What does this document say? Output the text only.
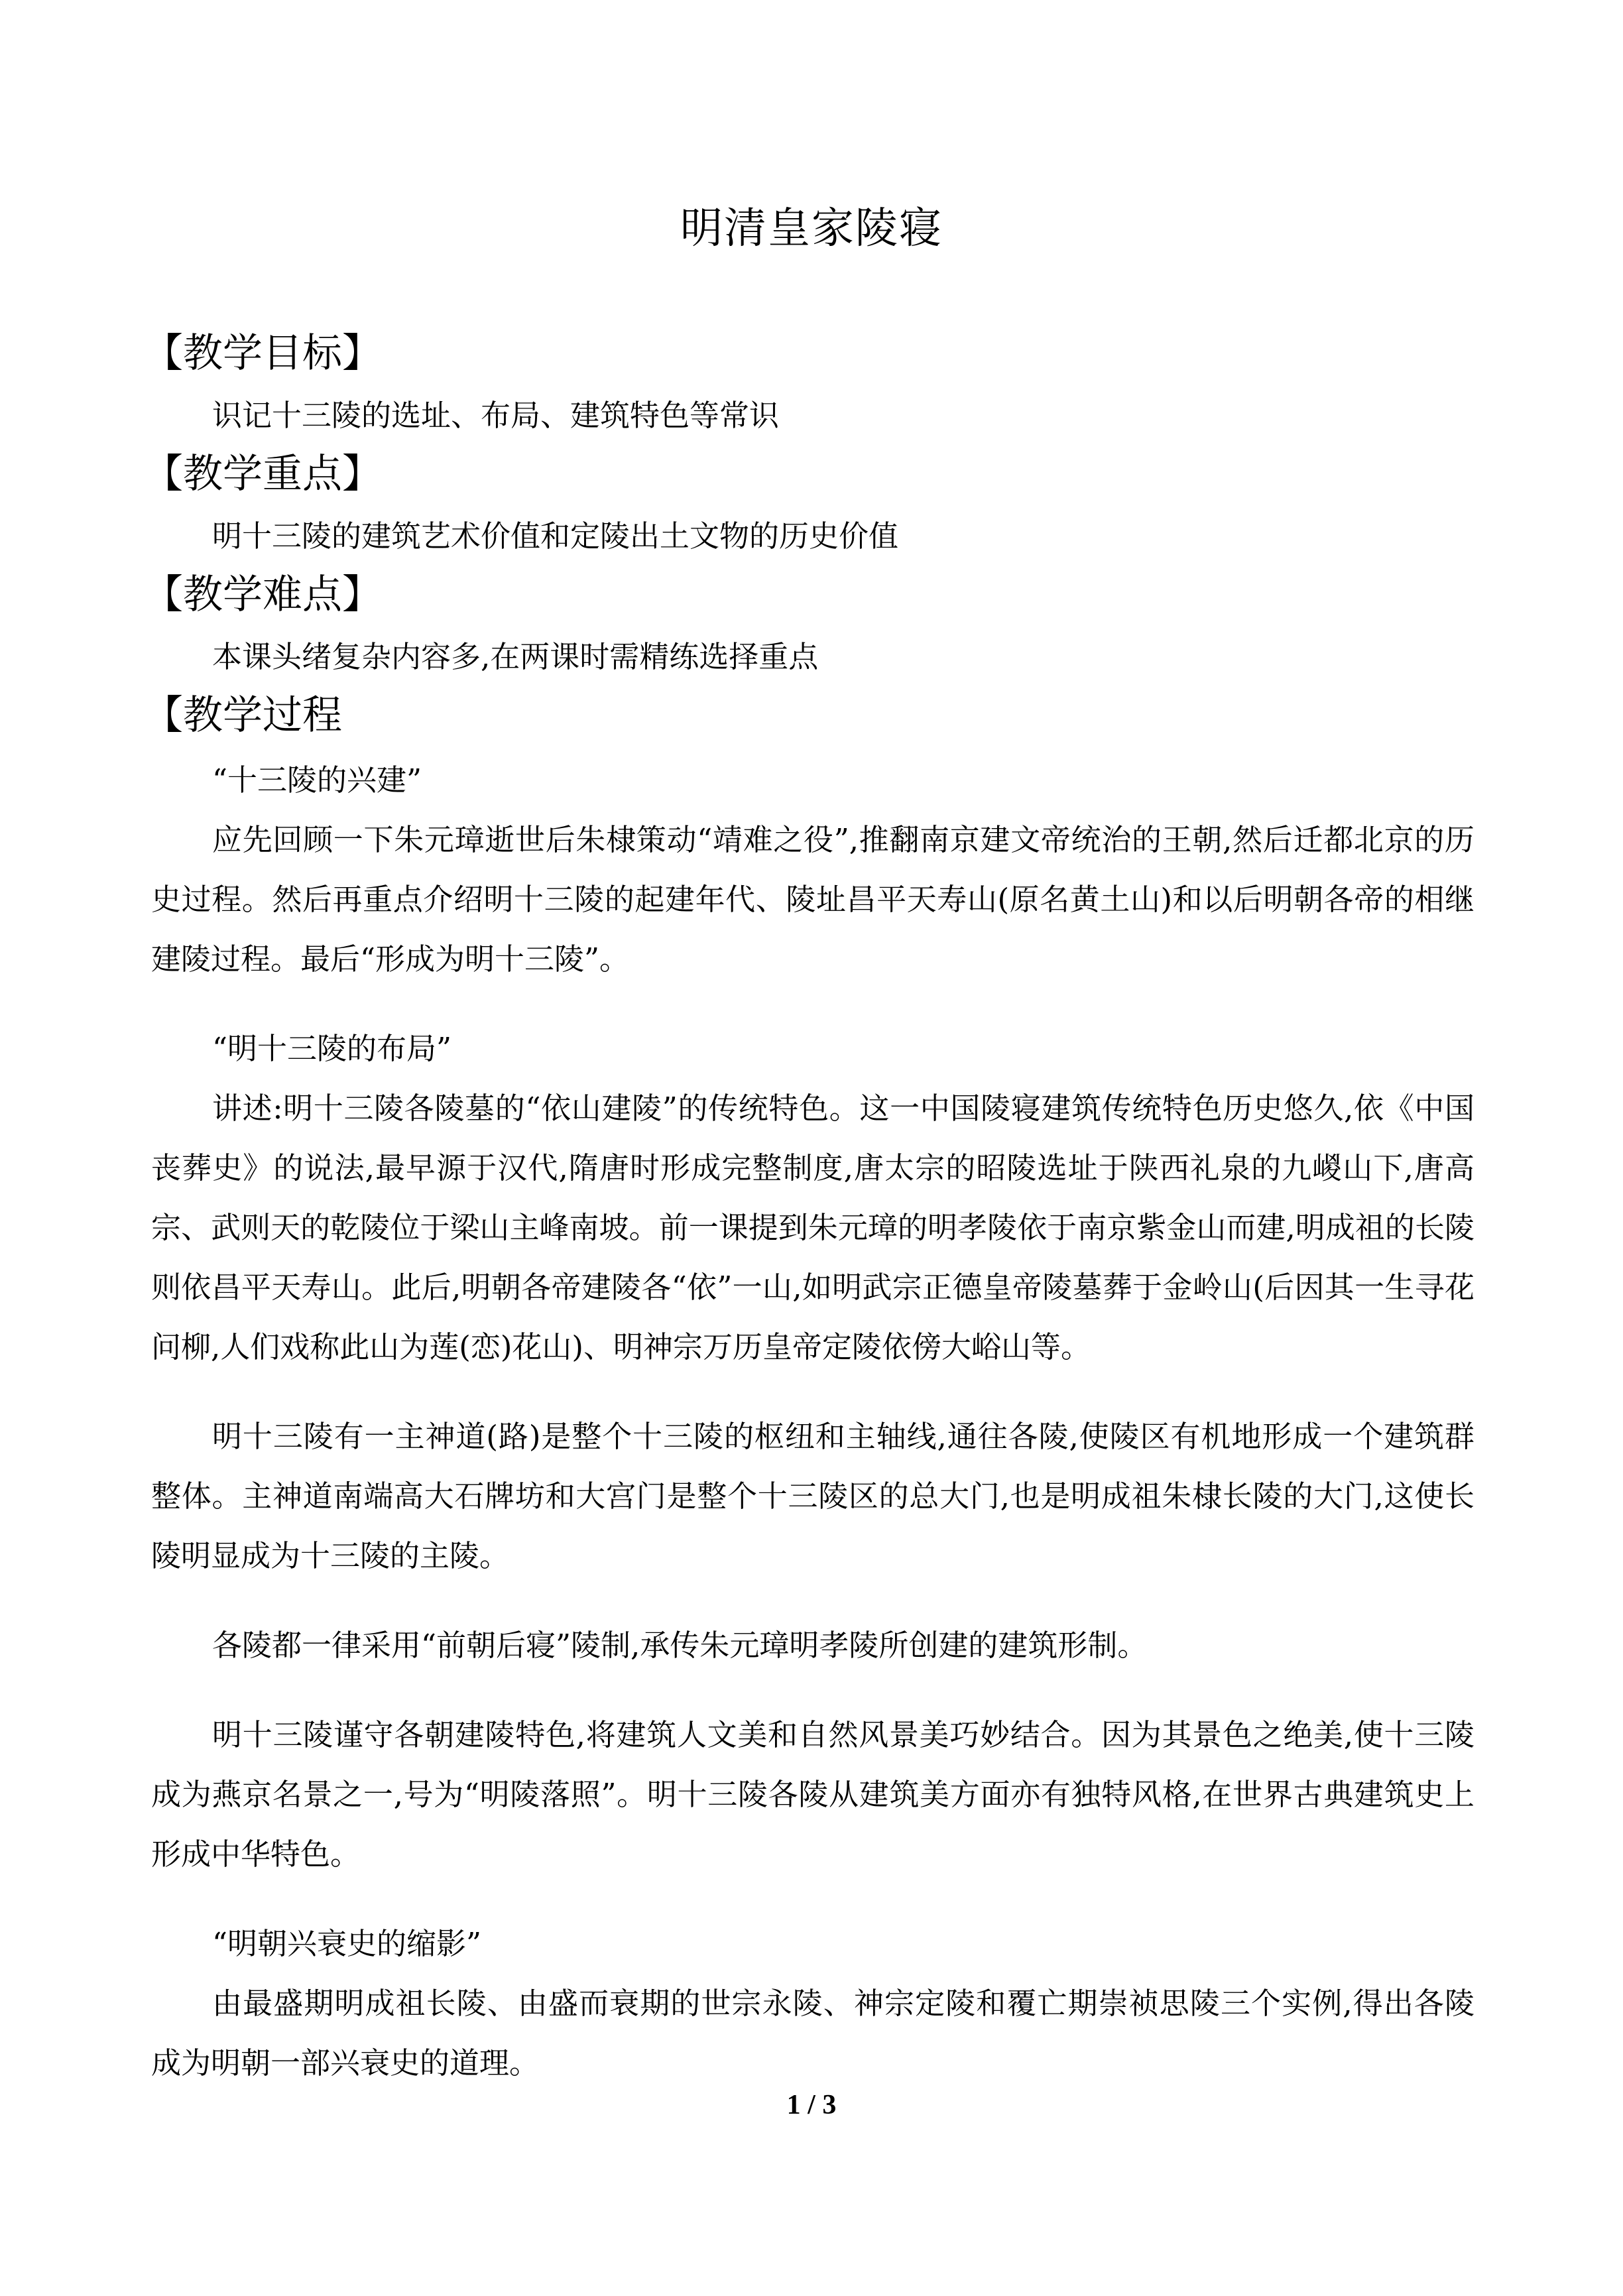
明清皇家陵寝
【教学目标】
识记十三陵的选址、布局、建筑特色等常识
【教学重点】
明十三陵的建筑艺术价值和定陵出土文物的历史价值
【教学难点】
本课头绪复杂内容多,在两课时需精练选择重点
【教学过程
“十三陵的兴建”

应先回顾一下朱元璋逝世后朱棣策动“靖难之役”,推翻南京建文帝统治的王朝,然后迁都北京的历史过程。然后再重点介绍明十三陵的起建年代、陵址昌平天寿山(原名黄土山)和以后明朝各帝的相继建陵过程。最后“形成为明十三陵”。

“明十三陵的布局”

讲述:明十三陵各陵墓的“依山建陵”的传统特色。这一中国陵寝建筑传统特色历史悠久,依《中国丧葬史》的说法,最早源于汉代,隋唐时形成完整制度,唐太宗的昭陵选址于陕西礼泉的九嵕山下,唐高宗、武则天的乾陵位于梁山主峰南坡。前一课提到朱元璋的明孝陵依于南京紫金山而建,明成祖的长陵则依昌平天寿山。此后,明朝各帝建陵各“依”一山,如明武宗正德皇帝陵墓葬于金岭山(后因其一生寻花问柳,人们戏称此山为莲(恋)花山)、明神宗万历皇帝定陵依傍大峪山等。

明十三陵有一主神道(路)是整个十三陵的枢纽和主轴线,通往各陵,使陵区有机地形成一个建筑群整体。主神道南端高大石牌坊和大宫门是整个十三陵区的总大门,也是明成祖朱棣长陵的大门,这使长陵明显成为十三陵的主陵。

各陵都一律采用“前朝后寝”陵制,承传朱元璋明孝陵所创建的建筑形制。

明十三陵谨守各朝建陵特色,将建筑人文美和自然风景美巧妙结合。因为其景色之绝美,使十三陵成为燕京名景之一,号为“明陵落照”。明十三陵各陵从建筑美方面亦有独特风格,在世界古典建筑史上形成中华特色。

“明朝兴衰史的缩影”

由最盛期明成祖长陵、由盛而衰期的世宗永陵、神宗定陵和覆亡期崇祯思陵三个实例,得出各陵成为明朝一部兴衰史的道理。

1 / 3
